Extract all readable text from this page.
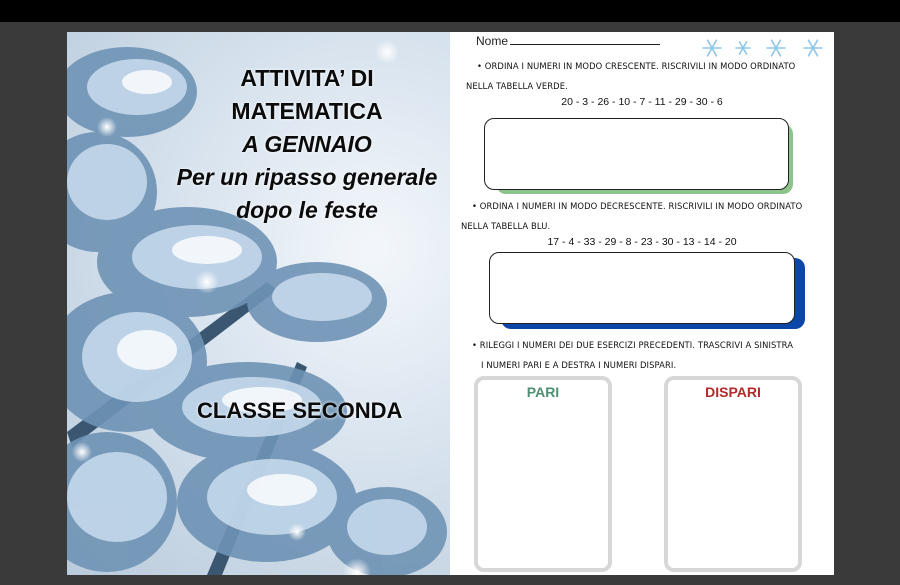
ATTIVITA’ DI
MATEMATICA
A GENNAIO
Per un ripasso generale
dopo le feste
CLASSE SECONDA
Nome
• ORDINA I NUMERI IN MODO CRESCENTE. RISCRIVILI IN MODO ORDINATO
NELLA TABELLA VERDE.
20 - 3 - 26 - 10 - 7 - 11 - 29 - 30 - 6
• ORDINA I NUMERI IN MODO DECRESCENTE. RISCRIVILI IN MODO ORDINATO
NELLA TABELLA BLU.
17 - 4 - 33 - 29 - 8 - 23 - 30 - 13 - 14 - 20
• RILEGGI I NUMERI DEI DUE ESERCIZI PRECEDENTI. TRASCRIVI A SINISTRA
I NUMERI PARI E A DESTRA I NUMERI DISPARI.
PARI	DISPARI
